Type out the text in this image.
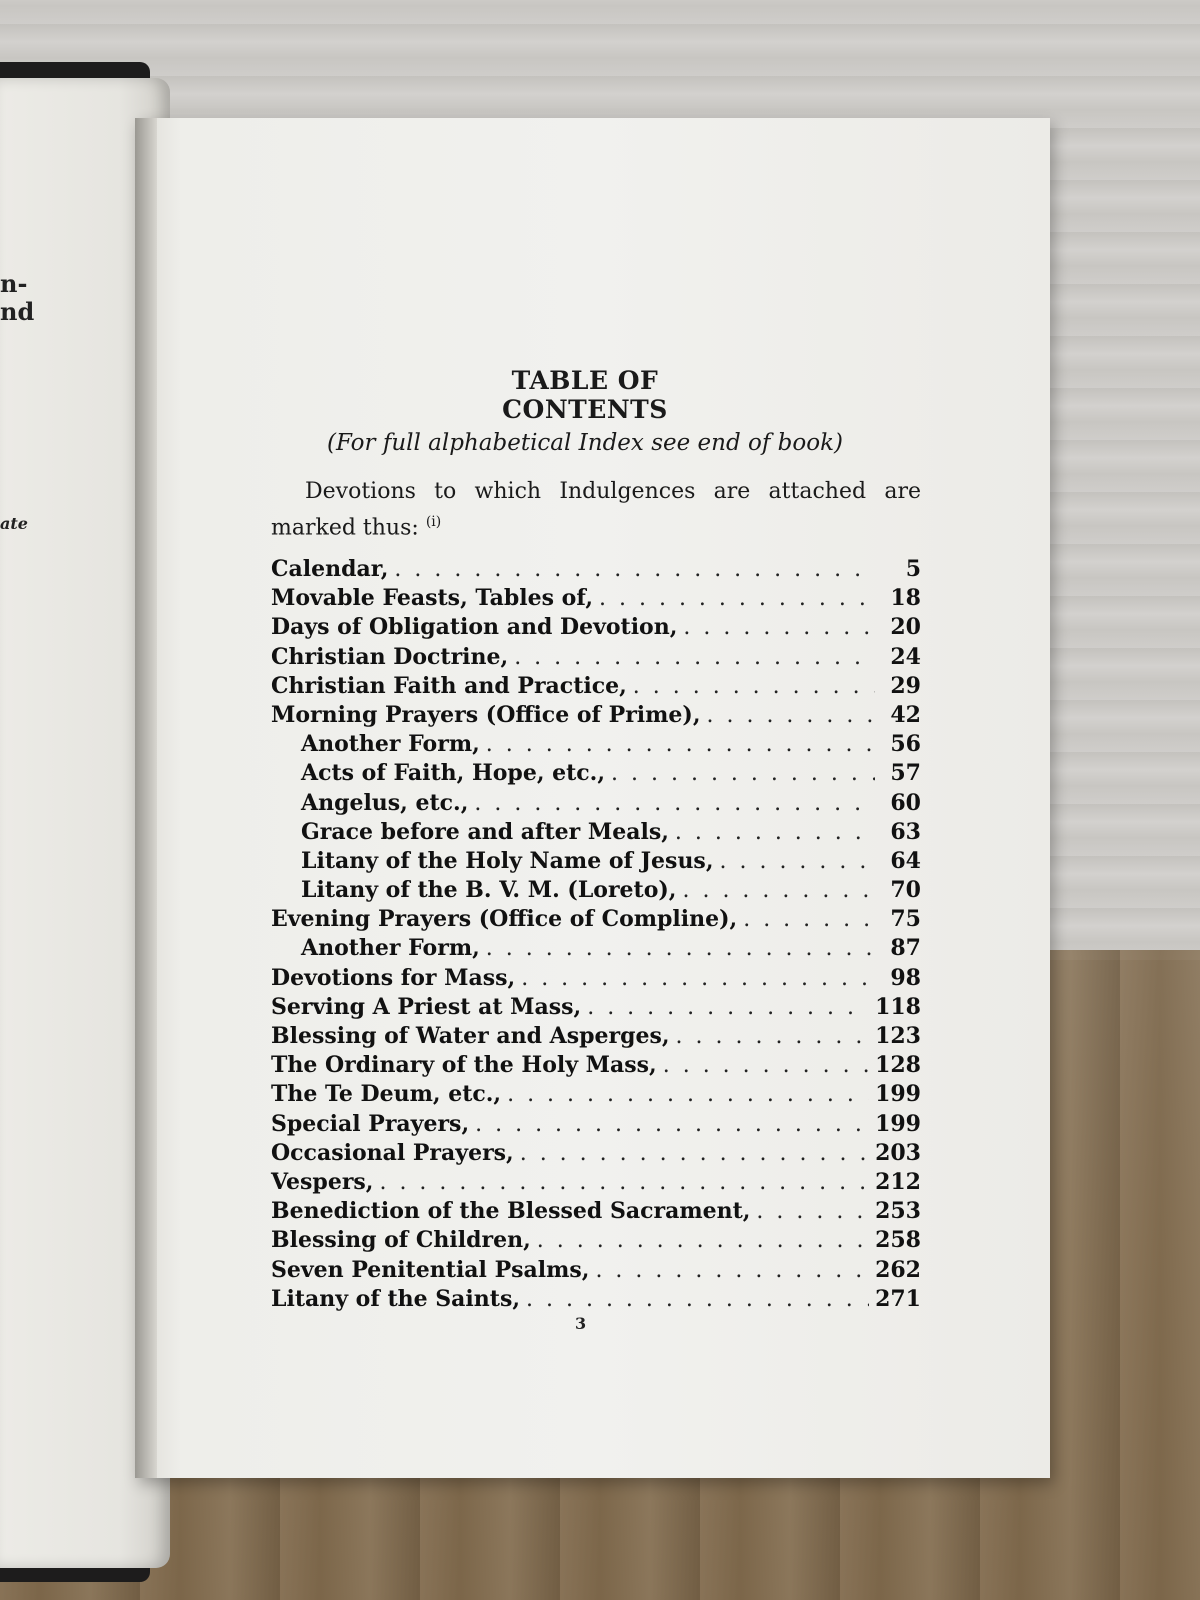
n-
nd
ate
TABLE OF CONTENTS
(For full alphabetical Index see end of book)
Devotions to which Indulgences are attached are marked thus: $^{(i)}$
Calendar, . . .	5
Movable Feasts, Tables of, . . .	18
Days of Obligation and Devotion, . . .	20
Christian Doctrine, . . .	24
Christian Faith and Practice, . . .	29
Morning Prayers (Office of Prime), . . .	42
Another Form, . . .	56
Acts of Faith, Hope, etc., . . .	57
Angelus, etc., . . .	60
Grace before and after Meals, . . .	63
Litany of the Holy Name of Jesus, . . .	64
Litany of the B. V. M. (Loreto), . . .	70
Evening Prayers (Office of Compline), . . .	75
Another Form, . . .	87
Devotions for Mass, . . .	98
Serving A Priest at Mass, . . .	118
Blessing of Water and Asperges, . . .	123
The Ordinary of the Holy Mass, . . .	128
The Te Deum, etc., . . .	199
Special Prayers, . . .	199
Occasional Prayers, . . .	203
Vespers, . . .	212
Benediction of the Blessed Sacrament, . . .	253
Blessing of Children, . . .	258
Seven Penitential Psalms, . . .	262
Litany of the Saints, . . .	271
3
